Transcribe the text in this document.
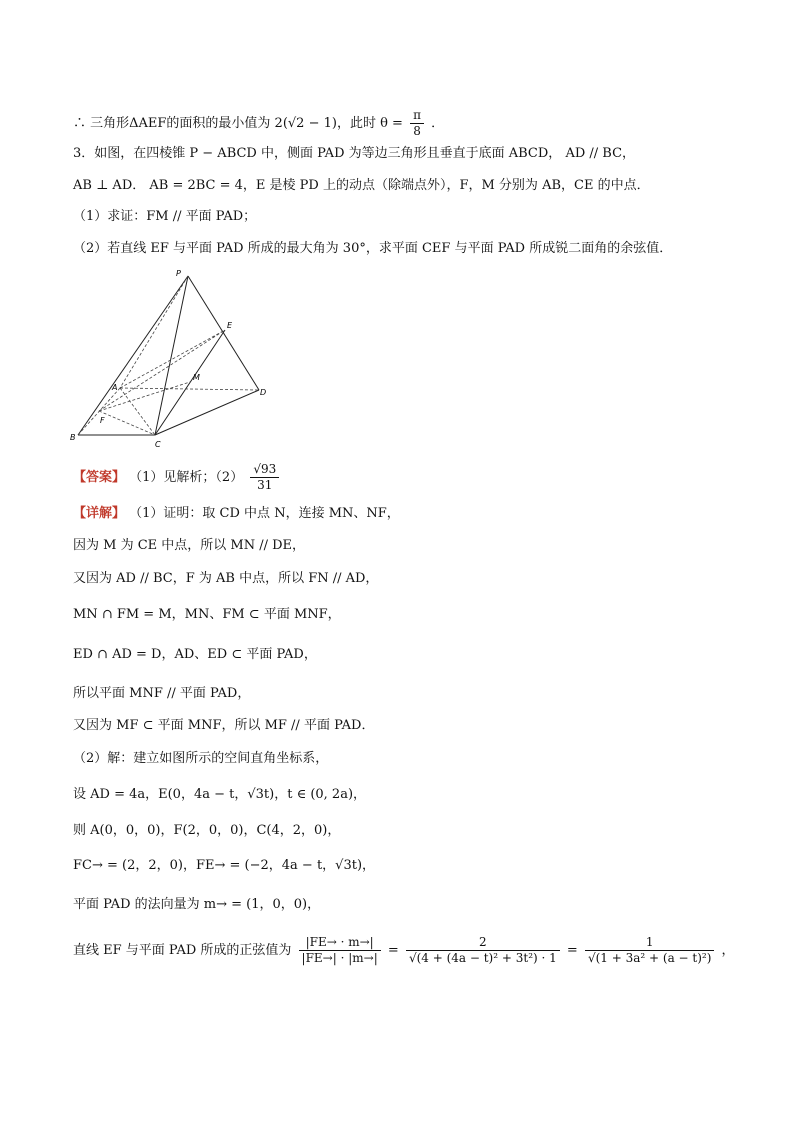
∴ 三角形ΔAEF的面积的最小值为 2(√2 − 1)，此时 $\theta = \frac{\pi}{8}$ ．
3．如图，在四棱锥 P − ABCD 中，侧面 PAD 为等边三角形且垂直于底面 ABCD， AD // BC，
AB ⊥ AD． AB = 2BC = 4，E 是棱 PD 上的动点（除端点外），F，M 分别为 AB，CE 的中点．
（1）求证：FM // 平面 PAD；
（2）若直线 EF 与平面 PAD 所成的最大角为 30°，求平面 CEF 与平面 PAD 所成锐二面角的余弦值．
P
E
A
M
D
F
B
C
【答案】 （1）见解析；$(2) \frac{√93}{31}$
【详解】 （1）证明：取 CD 中点 N，连接 MN、NF，
因为 M 为 CE 中点，所以 MN // DE，
又因为 AD // BC，F 为 AB 中点，所以 FN // AD，
MN ∩ FM = M，MN、FM ⊂ 平面 MNF，
ED ∩ AD = D，AD、ED ⊂ 平面 PAD，
所以平面 MNF // 平面 PAD，
又因为 MF ⊂ 平面 MNF，所以 MF // 平面 PAD．
（2）解：建立如图所示的空间直角坐标系，
设 AD = 4a，E(0，4a − t，√3t)，t ∈ (0, 2a)，
则 A(0，0，0)，F(2，0，0)，C(4，2，0)，
FC→ = (2，2，0)，FE→ = (−2，4a − t，√3t)，
平面 PAD 的法向量为 m→ = (1，0，0)，
直线 EF 与平面 PAD 所成的正弦值为 $\frac{|FE\to \cdot m\to|}{|FE\to| \cdot |m\to|} = \frac{2}{\text{√(4 + (4a − t)² + 3t²) · 1}} = \frac{1}{\text{√(1 + 3a² + (a − t)²)}}$ ，
